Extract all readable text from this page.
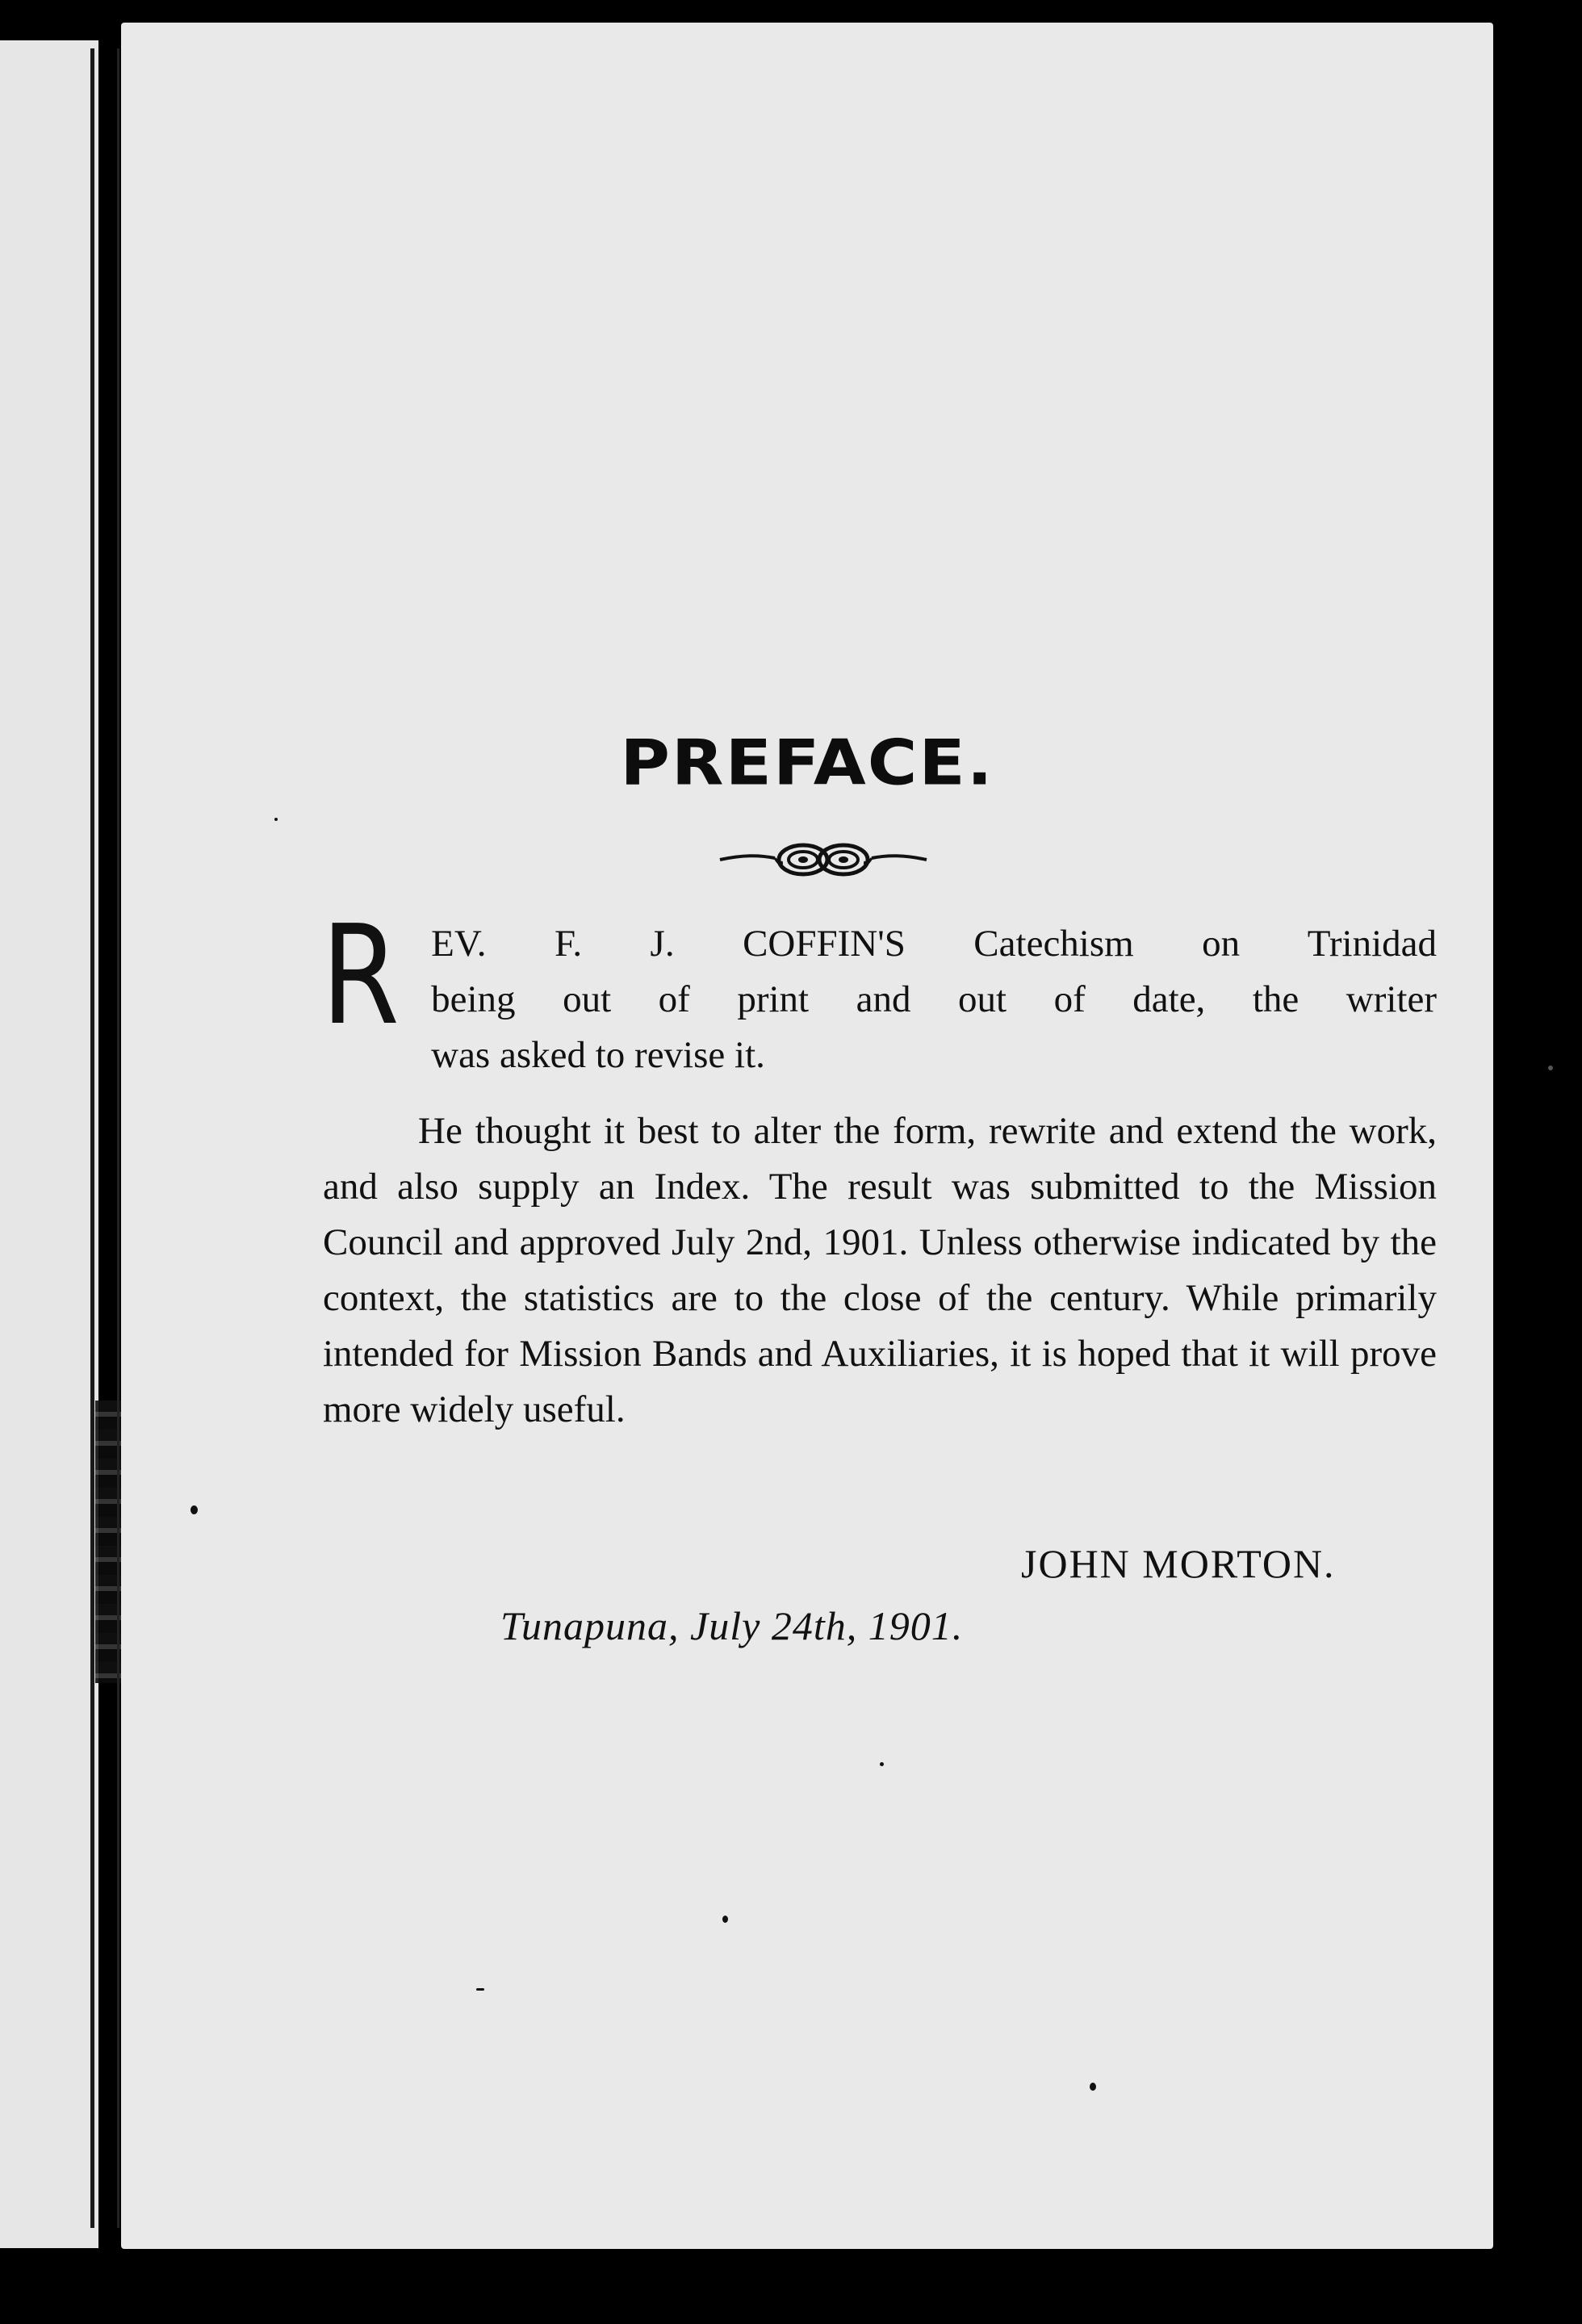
PREFACE.
R EV. F. J. COFFIN'S Catechism on Trinidad
being out of print and out of date, the writer
was asked to revise it.

He thought it best to alter the form, rewrite and extend the work, and also supply an Index. The result was submitted to the Mission Council and approved July 2nd, 1901. Unless otherwise indicated by the context, the statistics are to the close of the century. While primarily intended for Mission Bands and Auxiliaries, it is hoped that it will prove more widely useful.

JOHN MORTON.

Tunapuna, July 24th, 1901.
